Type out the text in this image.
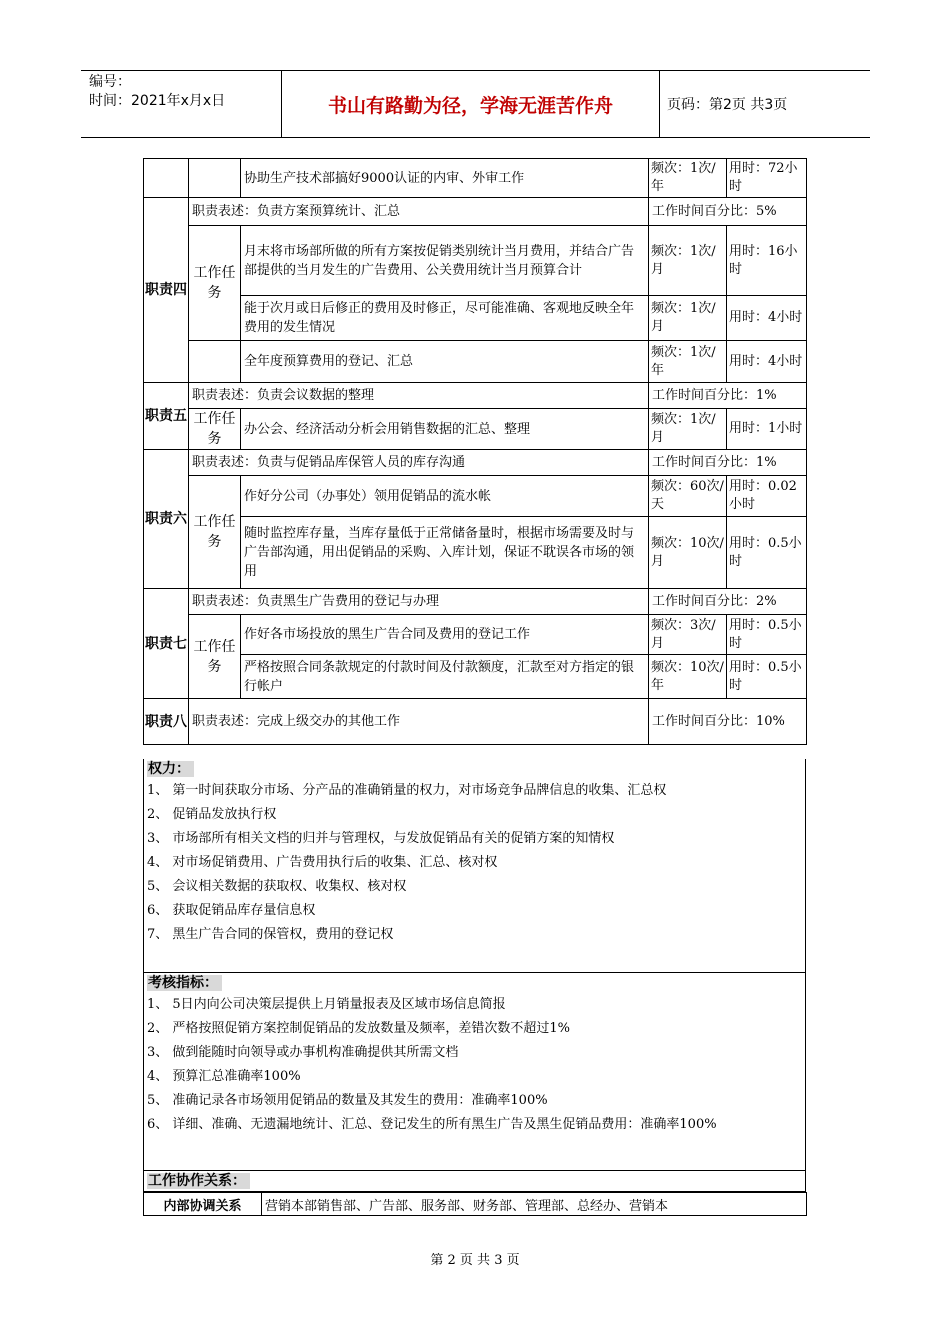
编号：
时间：2021年x月x日	书山有路勤为径，学海无涯苦作舟	页码：第2页 共3页
		协助生产技术部搞好9000认证的内审、外审工作	频次：1次/年	用时：72小时
职责四	职责表述：负责方案预算统计、汇总		工作时间百分比：5%	
	工作任务	月末将市场部所做的所有方案按促销类别统计当月费用，并结合广告部提供的当月发生的广告费用、公关费用统计当月预算合计	频次：1次/月	用时：16小时
		能于次月或日后修正的费用及时修正，尽可能准确、客观地反映全年费用的发生情况	频次：1次/月	用时：4小时
		全年度预算费用的登记、汇总	频次：1次/年	用时：4小时
职责五	职责表述：负责会议数据的整理		工作时间百分比：1%	
	工作任务	办公会、经济活动分析会用销售数据的汇总、整理	频次：1次/月	用时：1小时
职责六	职责表述：负责与促销品库保管人员的库存沟通		工作时间百分比：1%	
	工作任务	作好分公司（办事处）领用促销品的流水帐	频次：60次/天	用时：0.02小时
		随时监控库存量，当库存量低于正常储备量时，根据市场需要及时与广告部沟通，用出促销品的采购、入库计划，保证不耽误各市场的领用	频次：10次/月	用时：0.5小时
职责七	职责表述：负责黑生广告费用的登记与办理		工作时间百分比：2%	
	工作任务	作好各市场投放的黑生广告合同及费用的登记工作	频次：3次/月	用时：0.5小时
		严格按照合同条款规定的付款时间及付款额度，汇款至对方指定的银行帐户	频次：10次/年	用时：0.5小时
职责八	职责表述：完成上级交办的其他工作		工作时间百分比：10%	
权力：
1、 第一时间获取分市场、分产品的准确销量的权力，对市场竞争品牌信息的收集、汇总权
2、 促销品发放执行权
3、 市场部所有相关文档的归并与管理权，与发放促销品有关的促销方案的知情权
4、 对市场促销费用、广告费用执行后的收集、汇总、核对权
5、 会议相关数据的获取权、收集权、核对权
6、 获取促销品库存量信息权
7、 黑生广告合同的保管权，费用的登记权
考核指标：
1、 5日内向公司决策层提供上月销量报表及区域市场信息简报
2、 严格按照促销方案控制促销品的发放数量及频率，差错次数不超过1%
3、 做到能随时向领导或办事机构准确提供其所需文档
4、 预算汇总准确率100%
5、 准确记录各市场领用促销品的数量及其发生的费用：准确率100%
6、 详细、准确、无遗漏地统计、汇总、登记发生的所有黑生广告及黑生促销品费用：准确率100%
工作协作关系：
内部协调关系	营销本部销售部、广告部、服务部、财务部、管理部、总经办、营销本
第 2 页 共 3 页
